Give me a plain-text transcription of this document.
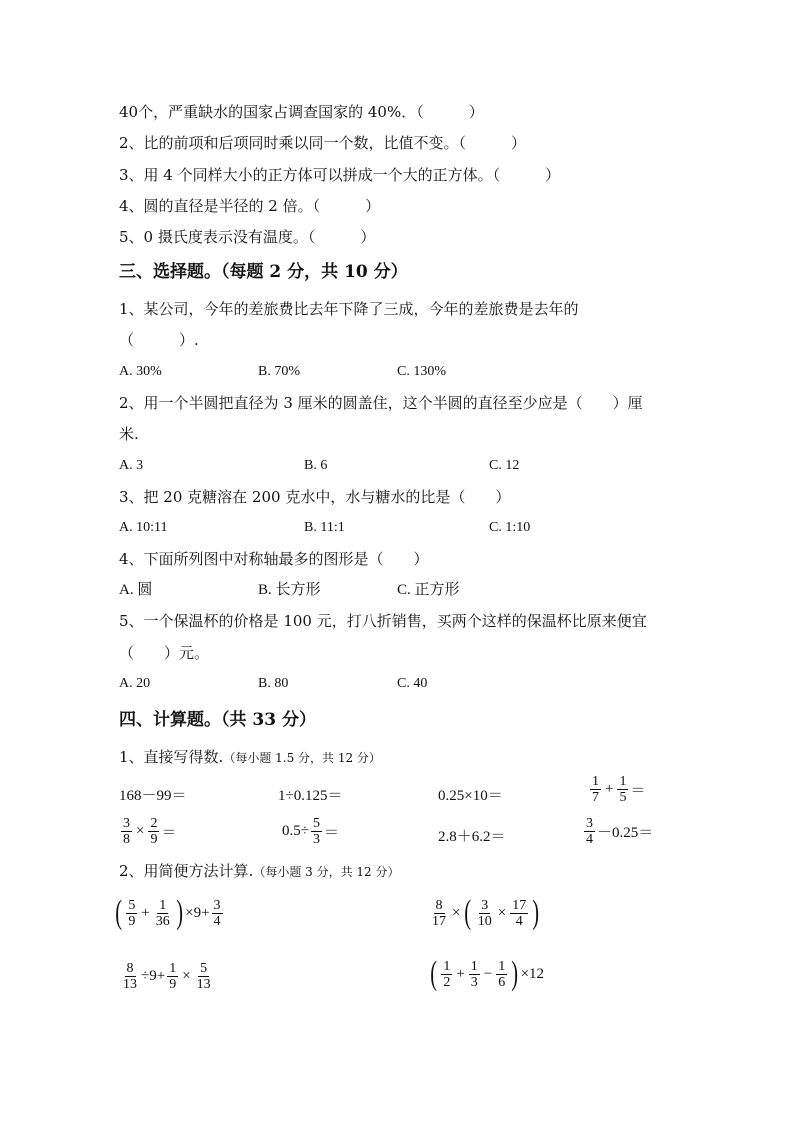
40个，严重缺水的国家占调查国家的 40%．（　　　）
2、比的前项和后项同时乘以同一个数，比值不变。（　　　）
3、用 4 个同样大小的正方体可以拼成一个大的正方体。（　　　）
4、圆的直径是半径的 2 倍。（　　　）
5、0 摄氏度表示没有温度。（　　　）
三、选择题。（每题 2 分，共 10 分）
1、某公司，今年的差旅费比去年下降了三成，今年的差旅费是去年的
（　　　）.
A. 30%	B. 70%	C. 130%
2、用一个半圆把直径为 3 厘米的圆盖住，这个半圆的直径至少应是（　　）厘
米.
A. 3	B. 6	C. 12
3、把 20 克糖溶在 200 克水中，水与糖水的比是（　　）
A. 10:11	B. 11:1	C. 1:10
4、下面所列图中对称轴最多的图形是（　　）
A. 圆	B. 长方形	C. 正方形
5、一个保温杯的价格是 100 元，打八折销售，买两个这样的保温杯比原来便宜
（　　）元。
A. 20	B. 80	C. 40
四、计算题。（共 33 分）
1、直接写得数.（每小题 1.5 分，共 12 分）
168－99＝	1÷0.125＝	0.25×10＝	$\frac{1}{7} + \frac{1}{5}$ ＝
$\frac{3}{8} \times \frac{2}{9}$ ＝	$0.5\div \frac{5}{3}$ ＝	2.8＋6.2＝	$\frac{3}{4} -0.25=$
2、用简便方法计算.（每小题 3 分，共 12 分）
( $\frac{5}{9} + \frac{1}{36}$ ) $\times 9+ \frac{3}{4}$	$\frac{8}{17}$ × ( $\frac{3}{10} \times \frac{17}{4}$ )
$\frac{8}{13} \div 9+ \frac{1}{9} \times \frac{5}{13}$	( $\frac{1}{2} + \frac{1}{3} - \frac{1}{6}$ ) ×12
